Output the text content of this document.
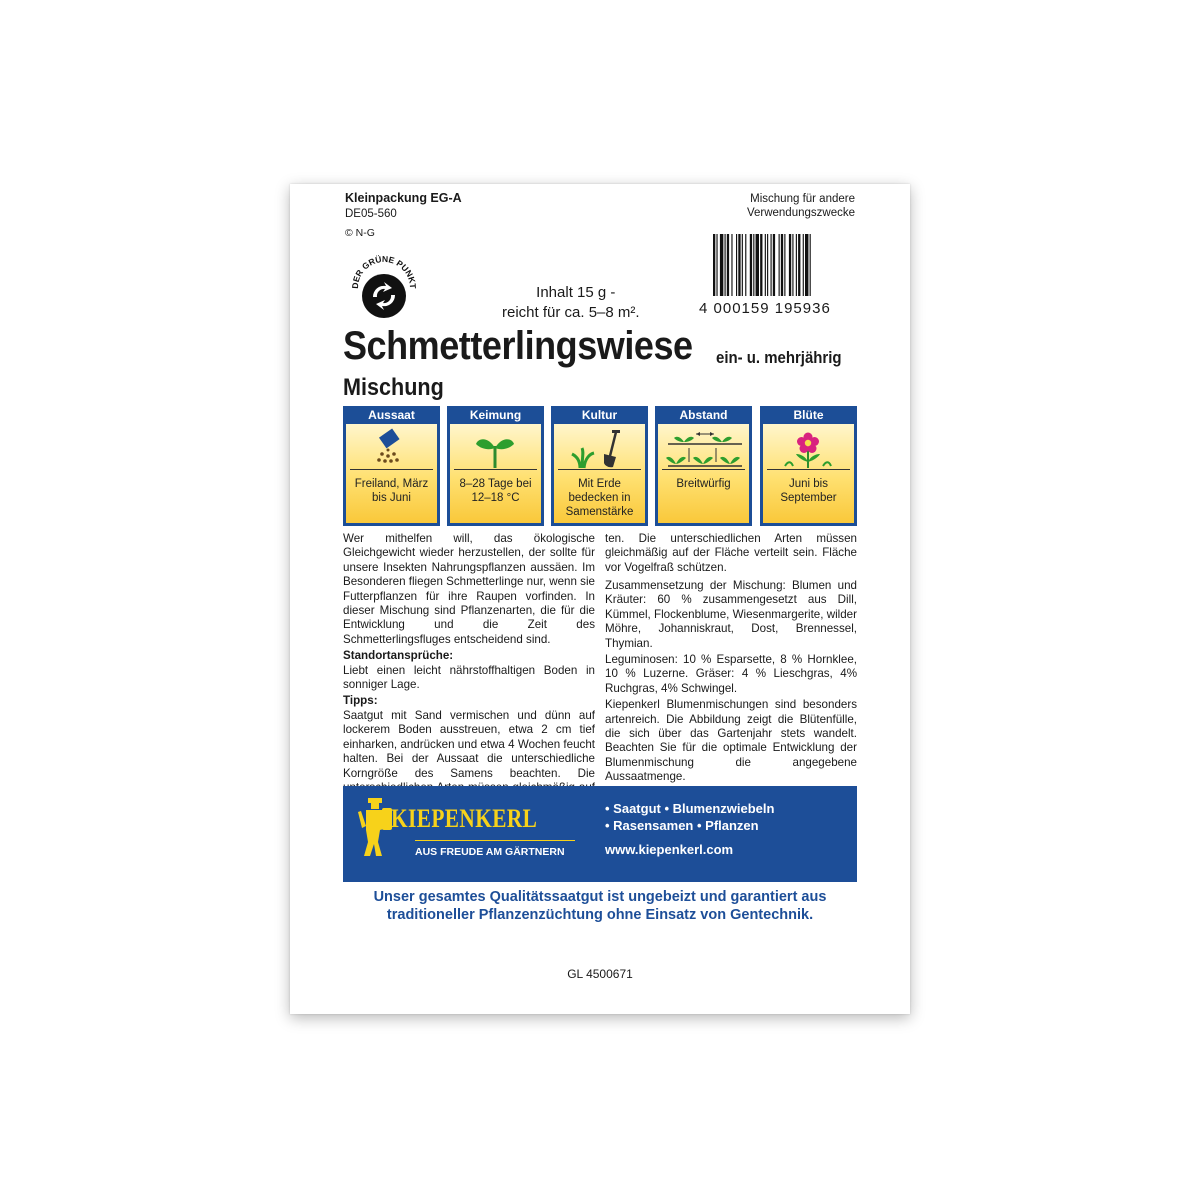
Kleinpackung EG-A
DE05-560
© N-G
DER GRÜNE PUNKT
Mischung für andere
Verwendungszwecke
4 000159 195936
Inhalt 15 g -
reicht für ca. 5–8 m².
Schmetterlingswiese ein- u. mehrjährig
Mischung
Aussaat
Freiland, März bis Juni
Keimung
8–28 Tage bei 12–18 °C
Kultur
Mit Erde bedecken in Samenstärke
Abstand
Breitwürfig
Blüte
Juni bis September

Wer mithelfen will, das ökologische Gleichgewicht wieder herzustellen, der sollte für unsere Insekten Nahrungspflanzen aussäen. Im Besonderen fliegen Schmetterlinge nur, wenn sie Futterpflanzen für ihre Raupen vorfinden. In dieser Mischung sind Pflanzenarten, die für die Entwicklung und die Zeit des Schmetterlingsfluges entscheidend sind.

Standortansprüche:

Liebt einen leicht nährstoffhaltigen Boden in sonniger Lage.

Tipps:

Saatgut mit Sand vermischen und dünn auf lockerem Boden ausstreuen, etwa 2 cm tief einharken, andrücken und etwa 4 Wochen feucht halten. Bei der Aussaat die unterschiedliche Korngröße des Samens beachten. Die

ten. Die unterschiedlichen Arten müssen gleichmäßig auf der Fläche verteilt sein. Fläche vor Vogelfraß schützen.

Zusammensetzung der Mischung: Blumen und Kräuter: 60 % zusammengesetzt aus Dill, Kümmel, Flockenblume, Wiesenmargerite, wilder Möhre, Johanniskraut, Dost, Brennessel, Thymian.

Leguminosen: 10 % Esparsette, 8 % Hornklee, 10 % Luzerne. Gräser: 4 % Lieschgras, 4% Ruchgras, 4% Schwingel.

Kiepenkerl Blumenmischungen sind besonders artenreich. Die Abbildung zeigt die Blütenfülle, die sich über das Gartenjahr stets wandelt. Beachten Sie für die optimale Entwicklung der Blumenmischung die angegebene Aussaatmenge.

KIEPENKERL
AUS FREUDE AM GÄRTNERN
• Saatgut • Blumenzwiebeln
• Rasensamen • Pflanzen
www.kiepenkerl.com
Unser gesamtes Qualitätssaatgut ist ungebeizt und garantiert aus
traditioneller Pflanzenzüchtung ohne Einsatz von Gentechnik.
GL 4500671
